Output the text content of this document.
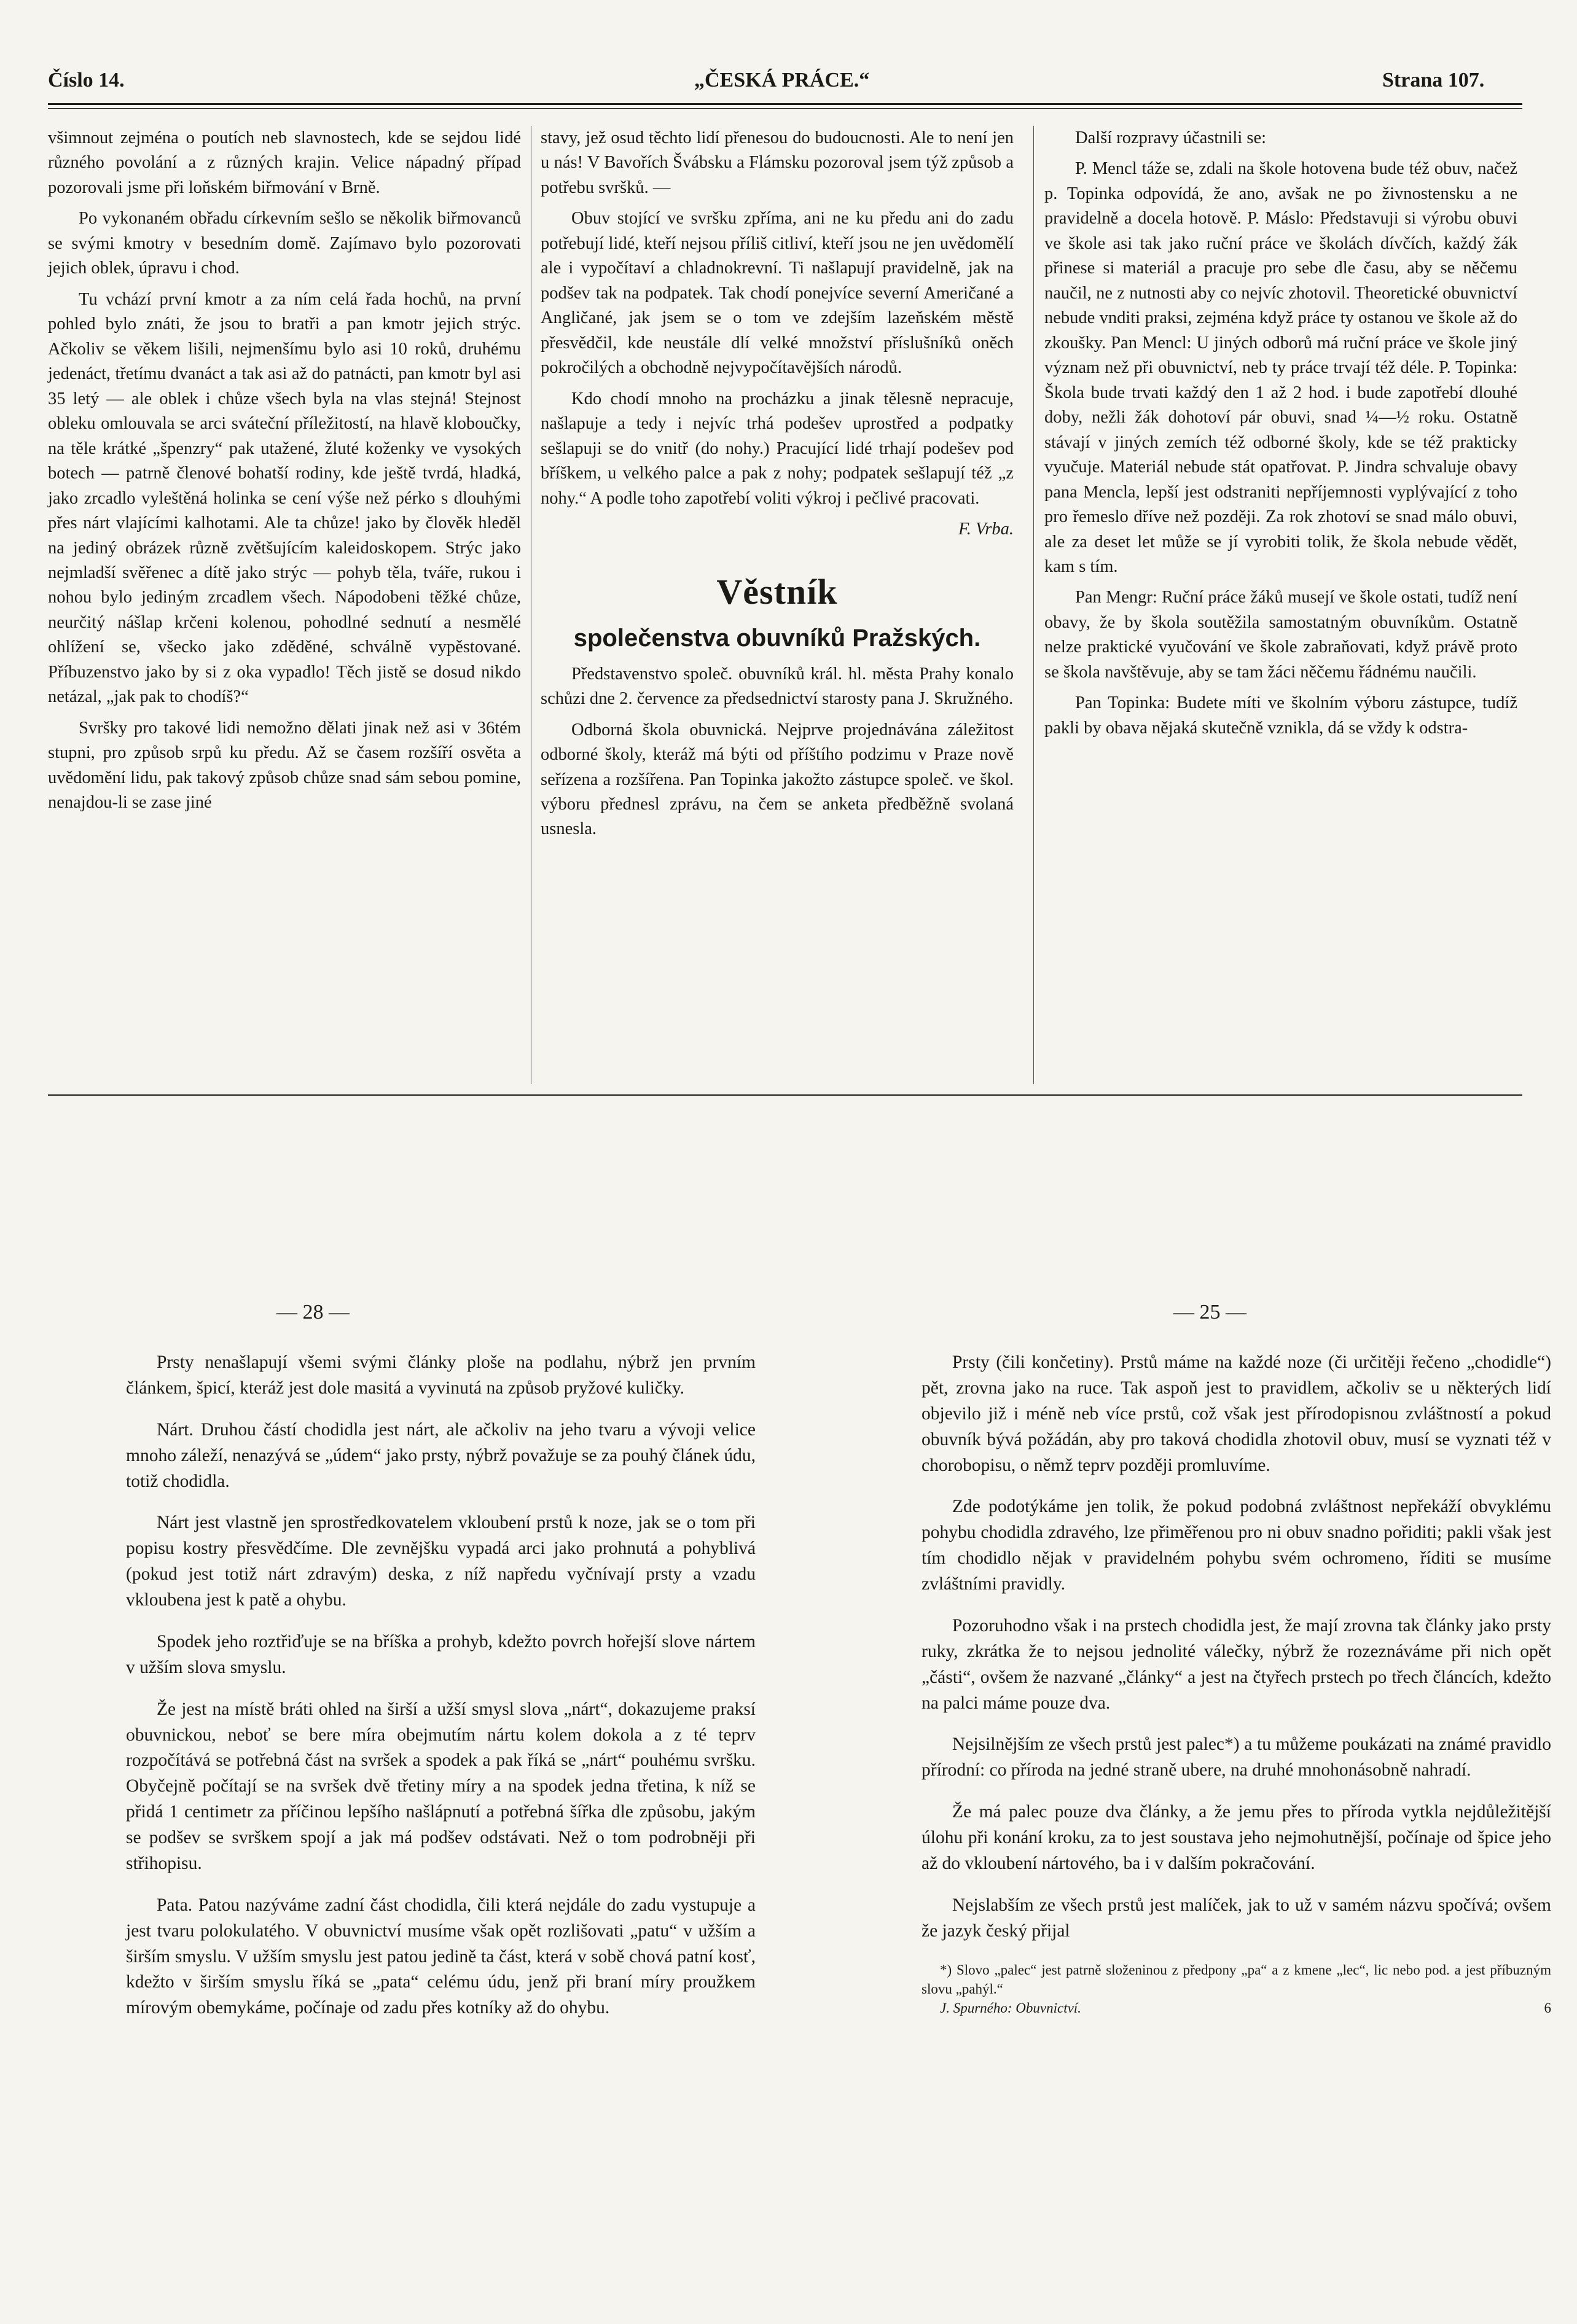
Číslo 14.	„ČESKÁ PRÁCE.“	Strana 107.

všimnout zejména o poutích neb slavnostech, kde se sejdou lidé různého povolání a z různých krajin. Velice nápadný případ pozorovali jsme při loňském biřmování v Brně.

Po vykonaném obřadu církevním sešlo se několik biřmovanců se svými kmotry v besedním domě. Zajímavo bylo pozorovati jejich oblek, úpravu i chod.

Tu vchází první kmotr a za ním celá řada hochů, na první pohled bylo znáti, že jsou to bratři a pan kmotr jejich strýc. Ačkoliv se věkem lišili, nejmenšímu bylo asi 10 roků, druhému jedenáct, třetímu dvanáct a tak asi až do patnácti, pan kmotr byl asi 35 letý — ale oblek i chůze všech byla na vlas stejná! Stejnost obleku omlouvala se arci sváteční příležitostí, na hlavě kloboučky, na těle krátké „špenzry“ pak utažené, žluté koženky ve vysokých botech — patrně členové bohatší rodiny, kde ještě tvrdá, hladká, jako zrcadlo vyleštěná holinka se cení výše než pérko s dlouhými přes nárt vlajícími kalhotami. Ale ta chůze! jako by člověk hleděl na jediný obrázek různě zvětšujícím kaleidoskopem. Strýc jako nejmladší svěřenec a dítě jako strýc — pohyb těla, tváře, rukou i nohou bylo jediným zrcadlem všech. Nápodobeni těžké chůze, neurčitý nášlap krčeni kolenou, pohodlné sednutí a nesmělé ohlížení se, všecko jako zděděné, schválně vypěstované. Příbuzenstvo jako by si z oka vypadlo! Těch jistě se dosud nikdo netázal, „jak pak to chodíš?“

Svršky pro takové lidi nemožno dělati jinak než asi v 36tém stupni, pro způsob srpů ku předu. Až se časem rozšíří osvěta a uvědomění lidu, pak takový způsob chůze snad sám sebou pomine, nenajdou-li se zase jiné

stavy, jež osud těchto lidí přenesou do budoucnosti. Ale to není jen u nás! V Bavořích Švábsku a Flámsku pozoroval jsem týž způsob a potřebu svršků. —

Obuv stojící ve svršku zpříma, ani ne ku předu ani do zadu potřebují lidé, kteří nejsou příliš citliví, kteří jsou ne jen uvědomělí ale i vypočítaví a chladnokrevní. Ti našlapují pravidelně, jak na podšev tak na podpatek. Tak chodí ponejvíce severní Američané a Angličané, jak jsem se o tom ve zdejším lazeňském městě přesvědčil, kde neustále dlí velké množství příslušníků oněch pokročilých a obchodně nejvypočítavějších národů.

Kdo chodí mnoho na procházku a jinak tělesně nepracuje, našlapuje a tedy i nejvíc trhá podešev uprostřed a podpatky sešlapuji se do vnitř (do nohy.) Pracující lidé trhají podešev pod bříškem, u velkého palce a pak z nohy; podpatek sešlapují též „z nohy.“ A podle toho zapotřebí voliti výkroj i pečlivé pracovati.

F. Vrba.

Věstník
společenstva obuvníků Pražských.

Představenstvo společ. obuvníků král. hl. města Prahy konalo schůzi dne 2. července za předsednictví starosty pana J. Skružného.

Odborná škola obuvnická. Nejprve projednávána záležitost odborné školy, kteráž má býti od příštího podzimu v Praze nově seřízena a rozšířena. Pan Topinka jakožto zástupce společ. ve škol. výboru přednesl zprávu, na čem se anketa předběžně svolaná usnesla.

Další rozpravy účastnili se:

P. Mencl táže se, zdali na škole hotovena bude též obuv, načež p. Topinka odpovídá, že ano, avšak ne po živnostensku a ne pravidelně a docela hotově. P. Máslo: Představuji si výrobu obuvi ve škole asi tak jako ruční práce ve školách dívčích, každý žák přinese si materiál a pracuje pro sebe dle času, aby se něčemu naučil, ne z nutnosti aby co nejvíc zhotovil. Theoretické obuvnictví nebude vnditi praksi, zejména když práce ty ostanou ve škole až do zkoušky. Pan Mencl: U jiných odborů má ruční práce ve škole jiný význam než při obuvnictví, neb ty práce trvají též déle. P. Topinka: Škola bude trvati každý den 1 až 2 hod. i bude zapotřebí dlouhé doby, nežli žák dohotoví pár obuvi, snad ¼—½ roku. Ostatně stávají v jiných zemích též odborné školy, kde se též prakticky vyučuje. Materiál nebude stát opatřovat. P. Jindra schvaluje obavy pana Mencla, lepší jest odstraniti nepříjemnosti vyplývající z toho pro řemeslo dříve než později. Za rok zhotoví se snad málo obuvi, ale za deset let může se jí vyrobiti tolik, že škola nebude vědět, kam s tím.

Pan Mengr: Ruční práce žáků musejí ve škole ostati, tudíž není obavy, že by škola soutěžila samostatným obuvníkům. Ostatně nelze praktické vyučování ve škole zabraňovati, když právě proto se škola navštěvuje, aby se tam žáci něčemu řádnému naučili.

Pan Topinka: Budete míti ve školním výboru zástupce, tudíž pakli by obava nějaká skutečně vznikla, dá se vždy k odstra-

— 28 —	— 25 —

Prsty nenašlapují všemi svými články ploše na podlahu, nýbrž jen prvním článkem, špicí, kteráž jest dole masitá a vyvinutá na způsob pryžové kuličky.

Nárt. Druhou částí chodidla jest nárt, ale ačkoliv na jeho tvaru a vývoji velice mnoho záleží, nenazývá se „údem“ jako prsty, nýbrž považuje se za pouhý článek údu, totiž chodidla.

Nárt jest vlastně jen sprostředkovatelem vkloubení prstů k noze, jak se o tom při popisu kostry přesvědčíme. Dle zevnějšku vypadá arci jako prohnutá a pohyblivá (pokud jest totiž nárt zdravým) deska, z níž napředu vyčnívají prsty a vzadu vkloubena jest k patě a ohybu.

Spodek jeho roztřiďuje se na bříška a prohyb, kdežto povrch hořejší slove nártem v užším slova smyslu.

Že jest na místě bráti ohled na širší a užší smysl slova „nárt“, dokazujeme praksí obuvnickou, neboť se bere míra obejmutím nártu kolem dokola a z té teprv rozpočítává se potřebná část na svršek a spodek a pak říká se „nárt“ pouhému svršku. Obyčejně počítají se na svršek dvě třetiny míry a na spodek jedna třetina, k níž se přidá 1 centimetr za příčinou lepšího našlápnutí a potřebná šířka dle způsobu, jakým se podšev se svrškem spojí a jak má podšev odstávati. Než o tom podrobněji při střihopisu.

Pata. Patou nazýváme zadní část chodidla, čili která nejdále do zadu vystupuje a jest tvaru polokulatého. V obuvnictví musíme však opět rozlišovati „patu“ v užším a širším smyslu. V užším smyslu jest patou jedině ta část, která v sobě chová patní kosť, kdežto v širším smyslu říká se „pata“ celému údu, jenž při braní míry proužkem mírovým obemykáme, počínaje od zadu přes kotníky až do ohybu.

Prsty (čili končetiny). Prstů máme na každé noze (či určitěji řečeno „chodidle“) pět, zrovna jako na ruce. Tak aspoň jest to pravidlem, ačkoliv se u některých lidí objevilo již i méně neb více prstů, což však jest přírodopisnou zvláštností a pokud obuvník bývá požádán, aby pro taková chodidla zhotovil obuv, musí se vyznati též v chorobopisu, o němž teprv později promluvíme.

Zde podotýkáme jen tolik, že pokud podobná zvláštnost nepřekáží obvyklému pohybu chodidla zdravého, lze přiměřenou pro ni obuv snadno pořiditi; pakli však jest tím chodidlo nějak v pravidelném pohybu svém ochromeno, říditi se musíme zvláštními pravidly.

Pozoruhodno však i na prstech chodidla jest, že mají zrovna tak články jako prsty ruky, zkrátka že to nejsou jednolité válečky, nýbrž že rozeznáváme při nich opět „části“, ovšem že nazvané „články“ a jest na čtyřech prstech po třech článcích, kdežto na palci máme pouze dva.

Nejsilnějším ze všech prstů jest palec*) a tu můžeme poukázati na známé pravidlo přírodní: co příroda na jedné straně ubere, na druhé mnohonásobně nahradí.

Že má palec pouze dva články, a že jemu přes to příroda vytkla nejdůležitější úlohu při konání kroku, za to jest soustava jeho nejmohutnější, počínaje od špice jeho až do vkloubení nártového, ba i v dalším pokračování.

Nejslabším ze všech prstů jest malíček, jak to už v samém názvu spočívá; ovšem že jazyk český přijal

*) Slovo „palec“ jest patrně složeninou z předpony „pa“ a z kmene „lec“, lic nebo pod. a jest příbuzným slovu „pahýl.“
J. Spurného: Obuvnictví.	6
